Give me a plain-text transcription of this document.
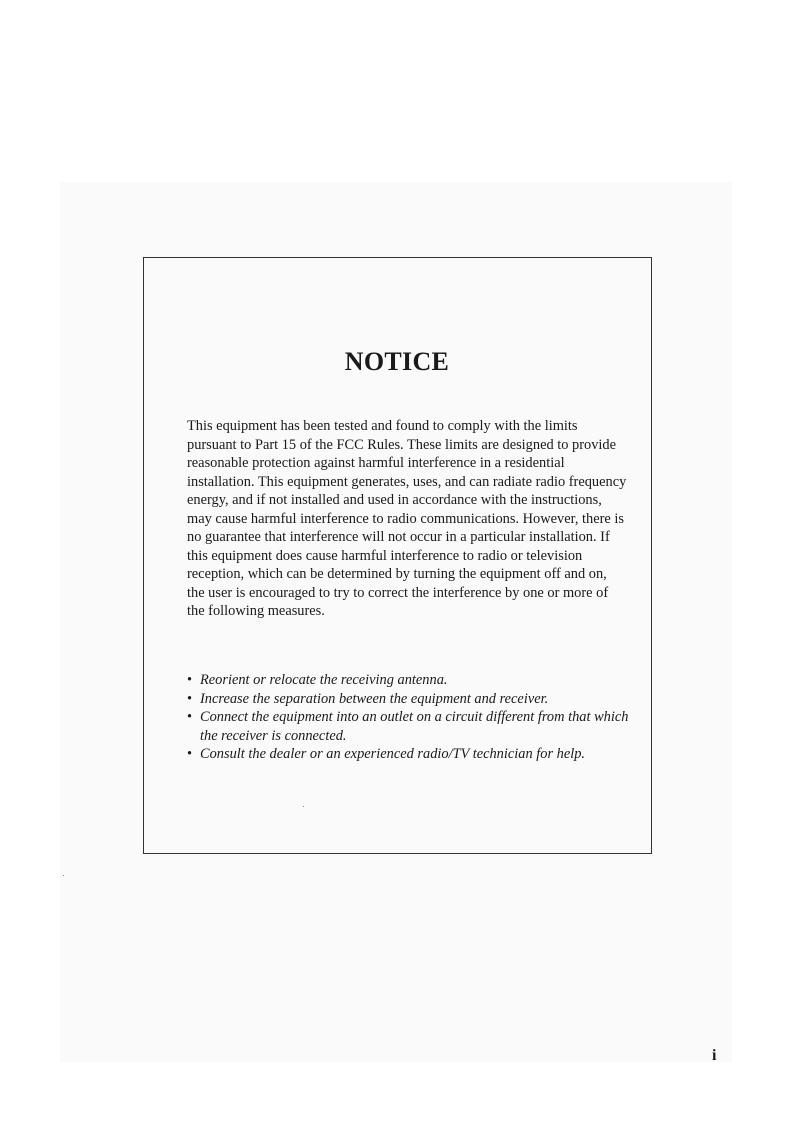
NOTICE

This equipment has been tested and found to comply with the limits pursuant to Part 15 of the FCC Rules. These limits are designed to provide reasonable protection against harmful interference in a residential installation. This equipment generates, uses, and can radiate radio frequency energy, and if not installed and used in accordance with the instructions, may cause harmful interference to radio communications. However, there is no guarantee that interference will not occur in a particular installation. If this equipment does cause harmful interference to radio or television reception, which can be determined by turning the equipment off and on, the user is encouraged to try to correct the interference by one or more of the following measures.

• Reorient or relocate the receiving antenna.
• Increase the separation between the equipment and receiver.
• Connect the equipment into an outlet on a circuit different from that which the receiver is connected.
• Consult the dealer or an experienced radio/TV technician for help.
i
